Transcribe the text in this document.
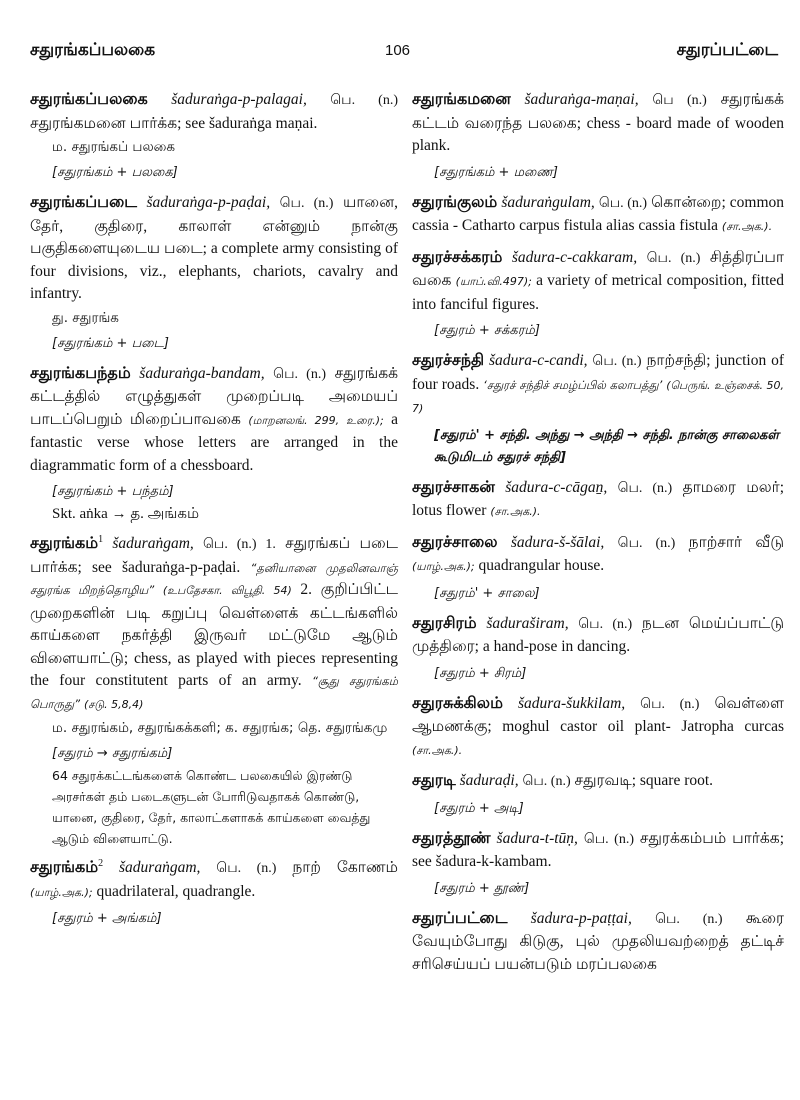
சதுரங்கப்பலகை	106	சதுரப்பட்டை
சதுரங்கப்பலகை šaduraṅga-p-palagai, பெ. (n.) சதுரங்கமனை பார்க்க; see šaduraṅga maṇai.
ம. சதுரங்கப் பலகை
[சதுரங்கம் + பலகை]
சதுரங்கப்படை šaduraṅga-p-paḍai, பெ. (n.) யானை, தேர், குதிரை, காலாள் என்னும் நான்கு பகுதிகளையுடைய படை; a complete army consisting of four divisions, viz., elephants, chariots, cavalry and infantry.
து. சதுரங்க
[சதுரங்கம் + படை]
சதுரங்கபந்தம் šaduraṅga-bandam, பெ. (n.) சதுரங்கக் கட்டத்தில் எழுத்துகள் முறைப்படி அமையப் பாடப்பெறும் மிறைப்பாவகை (மாறனலங். 299, உரை.); a fantastic verse whose letters are arranged in the diagrammatic form of a chessboard.
[சதுரங்கம் + பந்தம்]
Skt. aṅka → த. அங்கம்
சதுரங்கம்$^1$ šaduraṅgam, பெ. (n.) 1. சதுரங்கப் படை பார்க்க; see šaduraṅga-p-paḍai. “தனியானை முதலினவாஞ் சதுரங்க மிறந்தொழிய” (உபதேசகா. விபூதி. 54) 2. குறிப்பிட்ட முறைகளின் படி கறுப்பு வெள்ளைக் கட்டங்களில் காய்களை நகர்த்தி இருவர் மட்டுமே ஆடும் விளையாட்டு; chess, as played with pieces representing the four constitutent parts of an army. “சூது சதுரங்கம் பொருது” (சடு. 5,8,4)
ம. சதுரங்கம், சதுரங்கக்களி; க. சதுரங்க; தெ. சதுரங்கமு
[சதுரம் → சதுரங்கம்]
64 சதுரக்கட்டங்களைக் கொண்ட பலகையில் இரண்டு அரசர்கள் தம் படைகளுடன் போரிடுவதாகக் கொண்டு, யானை, குதிரை, தேர், காலாட்களாகக் காய்களை வைத்து ஆடும் விளையாட்டு.
சதுரங்கம்$^2$ šaduraṅgam, பெ. (n.) நாற் கோணம் (யாழ்.அக.); quadrilateral, quadrangle.
[சதுரம் + அங்கம்]
சதுரங்கமனை šaduraṅga-maṇai, பெ (n.) சதுரங்கக் கட்டம் வரைந்த பலகை; chess - board made of wooden plank.
[சதுரங்கம் + மணை]
சதுரங்குலம் šaduraṅgulam, பெ. (n.) கொன்றை; common cassia - Catharto carpus fistula alias cassia fistula (சா.அக.).
சதுரச்சக்கரம் šadura-c-cakkaram, பெ. (n.) சித்திரப்பா வகை (யாப்.வி.497); a variety of metrical composition, fitted into fanciful figures.
[சதுரம் + சக்கரம்]
சதுரச்சந்தி šadura-c-candi, பெ. (n.) நாற்சந்தி; junction of four roads. ‘சதுரச் சந்திச் சமழ்ப்பில் கலாபத்து’ (பெருங். உஞ்சைக். 50, 7)
[சதுரம்' + சந்தி. அந்து → அந்தி → சந்தி. நான்கு சாலைகள் கூடுமிடம் சதுரச் சந்தி]
சதுரச்சாகன் šadura-c-cāgaṉ, பெ. (n.) தாமரை மலர்; lotus flower (சா.அக.).
சதுரச்சாலை šadura-š-šālai, பெ. (n.) நாற்சார் வீடு (யாழ்.அக.); quadrangular house.
[சதுரம்' + சாலை]
சதுரசிரம் šaduraširam, பெ. (n.) நடன மெய்ப்பாட்டு முத்திரை; a hand-pose in dancing.
[சதுரம் + சிரம்]
சதுரசுக்கிலம் šadura-šukkilam, பெ. (n.) வெள்ளை ஆமணக்கு; moghul castor oil plant- Jatropha curcas (சா.அக.).
சதுரடி šaduraḍi, பெ. (n.) சதுரவடி; square root.
[சதுரம் + அடி]
சதுரத்தூண் šadura-t-tūṇ, பெ. (n.) சதுரக்கம்பம் பார்க்க; see šadura-k-kambam.
[சதுரம் + தூண்]
சதுரப்பட்டை šadura-p-paṭṭai, பெ. (n.) கூரை வேயும்போது கிடுகு, புல் முதலியவற்றைத் தட்டிச் சரிசெய்யப் பயன்படும் மரப்பலகை
